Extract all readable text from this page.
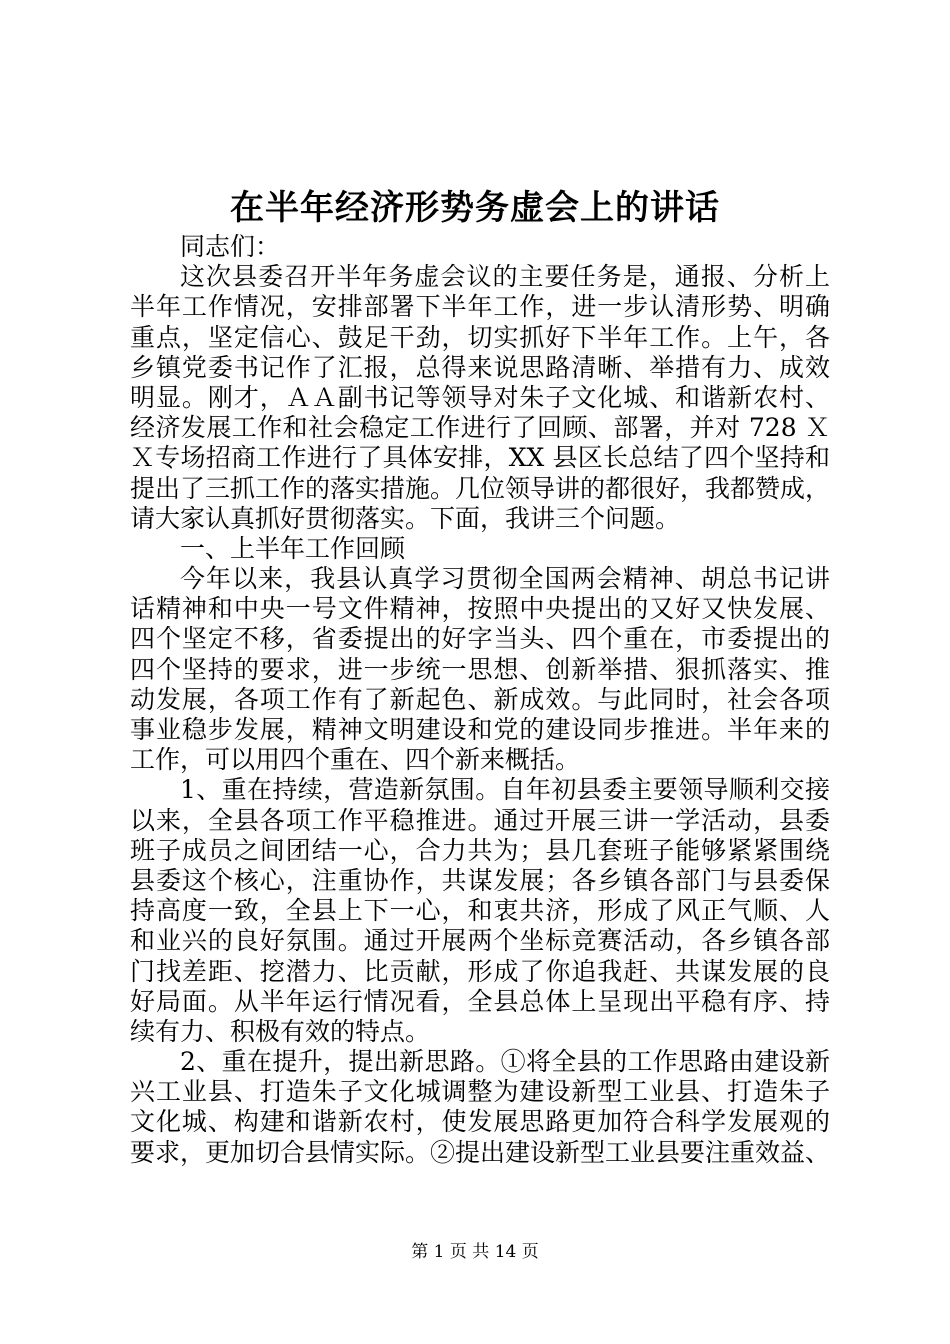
在半年经济形势务虚会上的讲话
同志们：
这次县委召开半年务虚会议的主要任务是，通报、分析上
半年工作情况，安排部署下半年工作，进一步认清形势、明确
重点，坚定信心、鼓足干劲，切实抓好下半年工作。上午，各
乡镇党委书记作了汇报，总得来说思路清晰、举措有力、成效
明显。刚才，ＡＡ副书记等领导对朱子文化城、和谐新农村、
经济发展工作和社会稳定工作进行了回顾、部署，并对 728 Ｘ
Ｘ专场招商工作进行了具体安排，XX 县区长总结了四个坚持和
提出了三抓工作的落实措施。几位领导讲的都很好，我都赞成，
请大家认真抓好贯彻落实。下面，我讲三个问题。
一、上半年工作回顾
今年以来，我县认真学习贯彻全国两会精神、胡总书记讲
话精神和中央一号文件精神，按照中央提出的又好又快发展、
四个坚定不移，省委提出的好字当头、四个重在，市委提出的
四个坚持的要求，进一步统一思想、创新举措、狠抓落实、推
动发展，各项工作有了新起色、新成效。与此同时，社会各项
事业稳步发展，精神文明建设和党的建设同步推进。半年来的
工作，可以用四个重在、四个新来概括。
1、重在持续，营造新氛围。自年初县委主要领导顺利交接
以来，全县各项工作平稳推进。通过开展三讲一学活动，县委
班子成员之间团结一心，合力共为；县几套班子能够紧紧围绕
县委这个核心，注重协作，共谋发展；各乡镇各部门与县委保
持高度一致，全县上下一心，和衷共济，形成了风正气顺、人
和业兴的良好氛围。通过开展两个坐标竞赛活动，各乡镇各部
门找差距、挖潜力、比贡献，形成了你追我赶、共谋发展的良
好局面。从半年运行情况看，全县总体上呈现出平稳有序、持
续有力、积极有效的特点。
2、重在提升，提出新思路。①将全县的工作思路由建设新
兴工业县、打造朱子文化城调整为建设新型工业县、打造朱子
文化城、构建和谐新农村，使发展思路更加符合科学发展观的
要求，更加切合县情实际。②提出建设新型工业县要注重效益、
第 1 页 共 14 页
